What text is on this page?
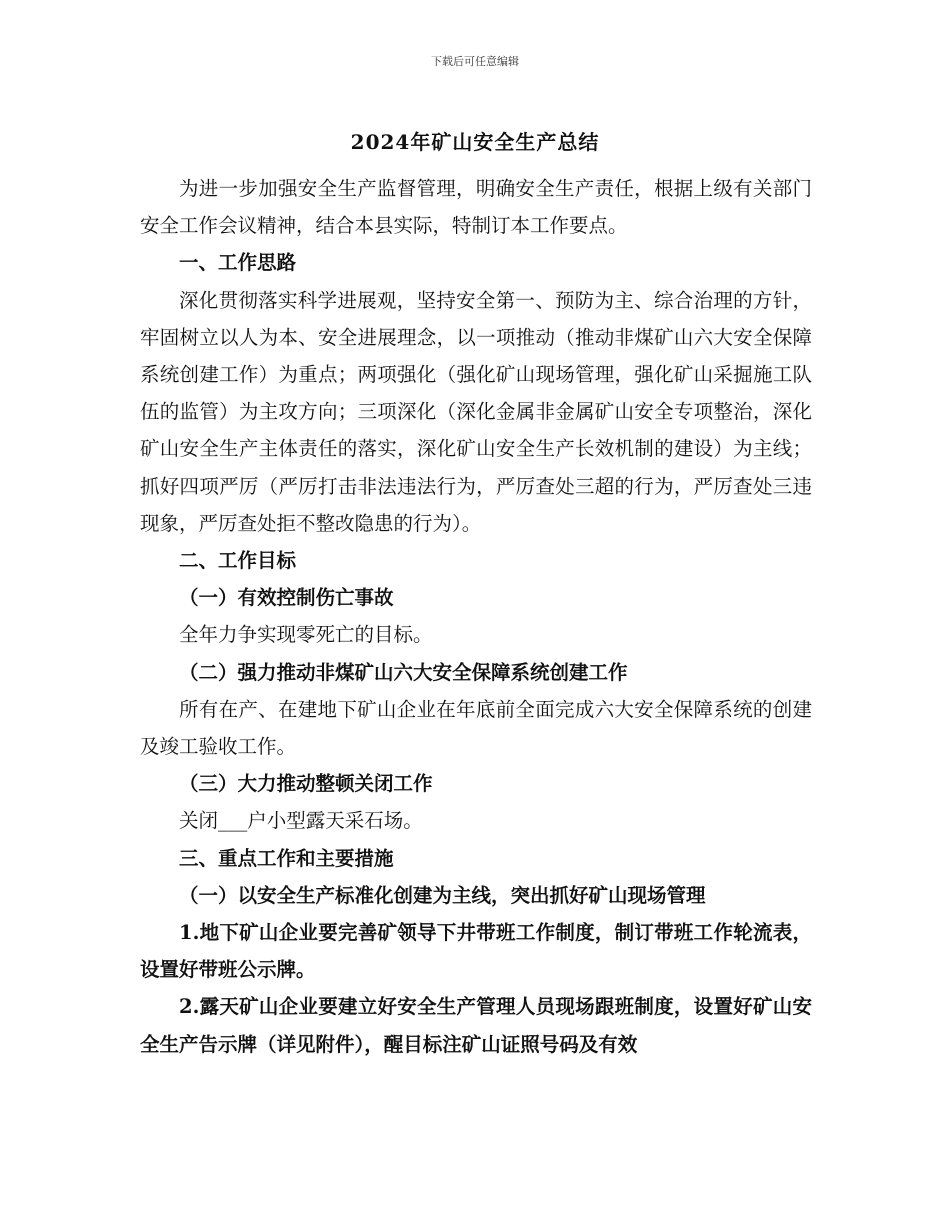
下载后可任意编辑
2024年矿山安全生产总结

为进一步加强安全生产监督管理，明确安全生产责任，根据上级有关部门安全工作会议精神，结合本县实际，特制订本工作要点。

一、工作思路

深化贯彻落实科学进展观，坚持安全第一、预防为主、综合治理的方针，牢固树立以人为本、安全进展理念，以一项推动（推动非煤矿山六大安全保障系统创建工作）为重点；两项强化（强化矿山现场管理，强化矿山采掘施工队伍的监管）为主攻方向；三项深化（深化金属非金属矿山安全专项整治，深化矿山安全生产主体责任的落实，深化矿山安全生产长效机制的建设）为主线；抓好四项严厉（严厉打击非法违法行为，严厉查处三超的行为，严厉查处三违现象，严厉查处拒不整改隐患的行为）。

二、工作目标

（一）有效控制伤亡事故

全年力争实现零死亡的目标。

（二）强力推动非煤矿山六大安全保障系统创建工作

所有在产、在建地下矿山企业在年底前全面完成六大安全保障系统的创建及竣工验收工作。

（三）大力推动整顿关闭工作

关闭___户小型露天采石场。

三、重点工作和主要措施

（一）以安全生产标准化创建为主线，突出抓好矿山现场管理

1.地下矿山企业要完善矿领导下井带班工作制度，制订带班工作轮流表，设置好带班公示牌。

2.露天矿山企业要建立好安全生产管理人员现场跟班制度，设置好矿山安全生产告示牌（详见附件），醒目标注矿山证照号码及有效
